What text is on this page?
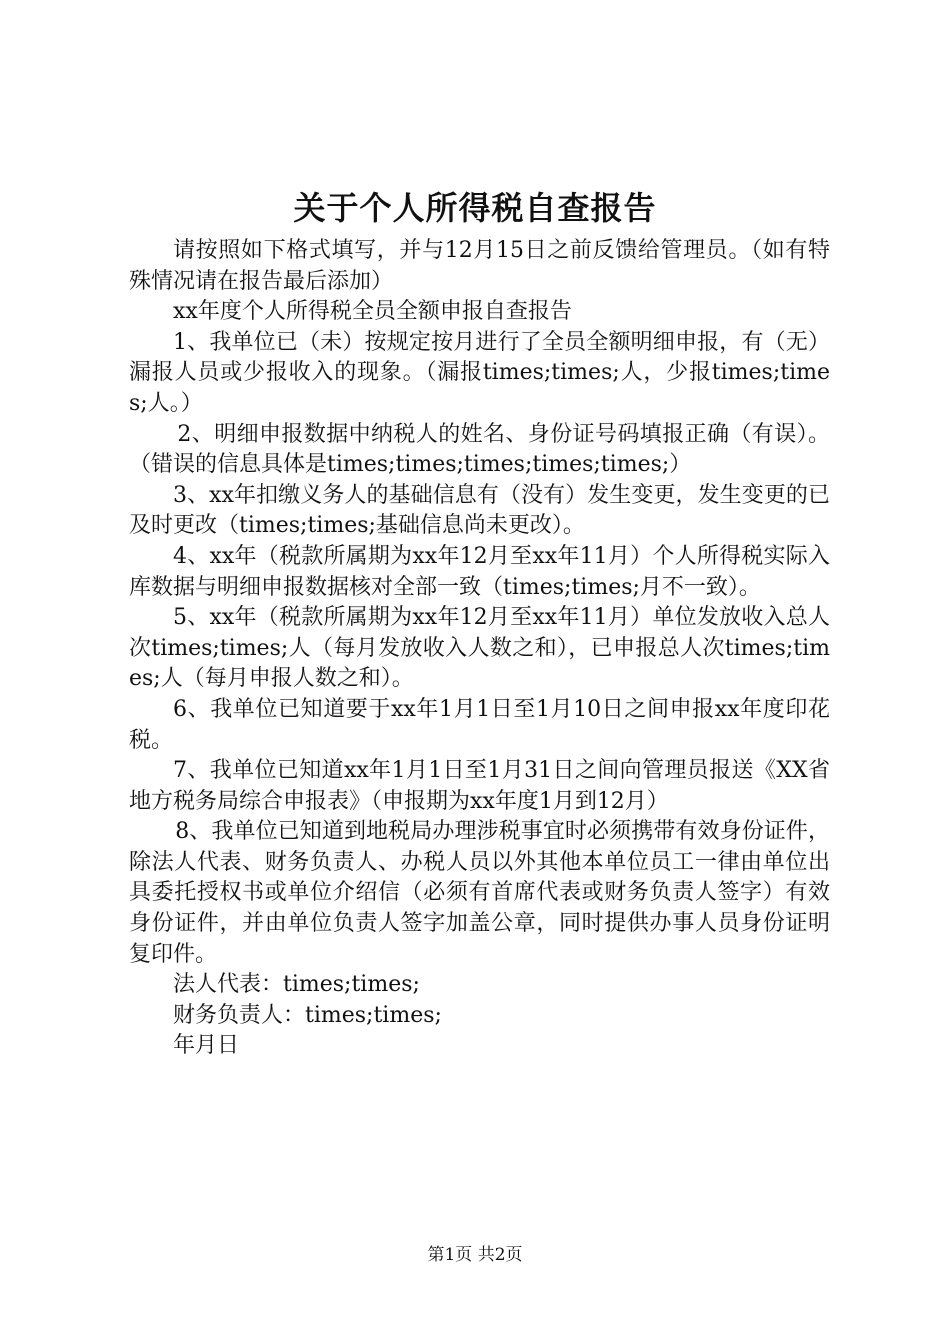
关于个人所得税自查报告

请按照如下格式填写，并与12月15日之前反馈给管理员。（如有特殊情况请在报告最后添加）

xx年度个人所得税全员全额申报自查报告

1、我单位已（未）按规定按月进行了全员全额明细申报，有（无）漏报人员或少报收入的现象。（漏报times;times;人，少报times;times;人。）

2、明细申报数据中纳税人的姓名、身份证号码填报正确（有误）。（错误的信息具体是times;times;times;times;times;）

3、xx年扣缴义务人的基础信息有（没有）发生变更，发生变更的已及时更改（times;times;基础信息尚未更改）。

4、xx年（税款所属期为xx年12月至xx年11月）个人所得税实际入库数据与明细申报数据核对全部一致（times;times;月不一致）。

5、xx年（税款所属期为xx年12月至xx年11月）单位发放收入总人次times;times;人（每月发放收入人数之和），已申报总人次times;times;人（每月申报人数之和）。

6、我单位已知道要于xx年1月1日至1月10日之间申报xx年度印花税。

7、我单位已知道xx年1月1日至1月31日之间向管理员报送《XX省地方税务局综合申报表》（申报期为xx年度1月到12月）

8、我单位已知道到地税局办理涉税事宜时必须携带有效身份证件，除法人代表、财务负责人、办税人员以外其他本单位员工一律由单位出具委托授权书或单位介绍信（必须有首席代表或财务负责人签字）有效身份证件，并由单位负责人签字加盖公章，同时提供办事人员身份证明复印件。

法人代表：times;times;

财务负责人：times;times;

年月日

第1页 共2页
